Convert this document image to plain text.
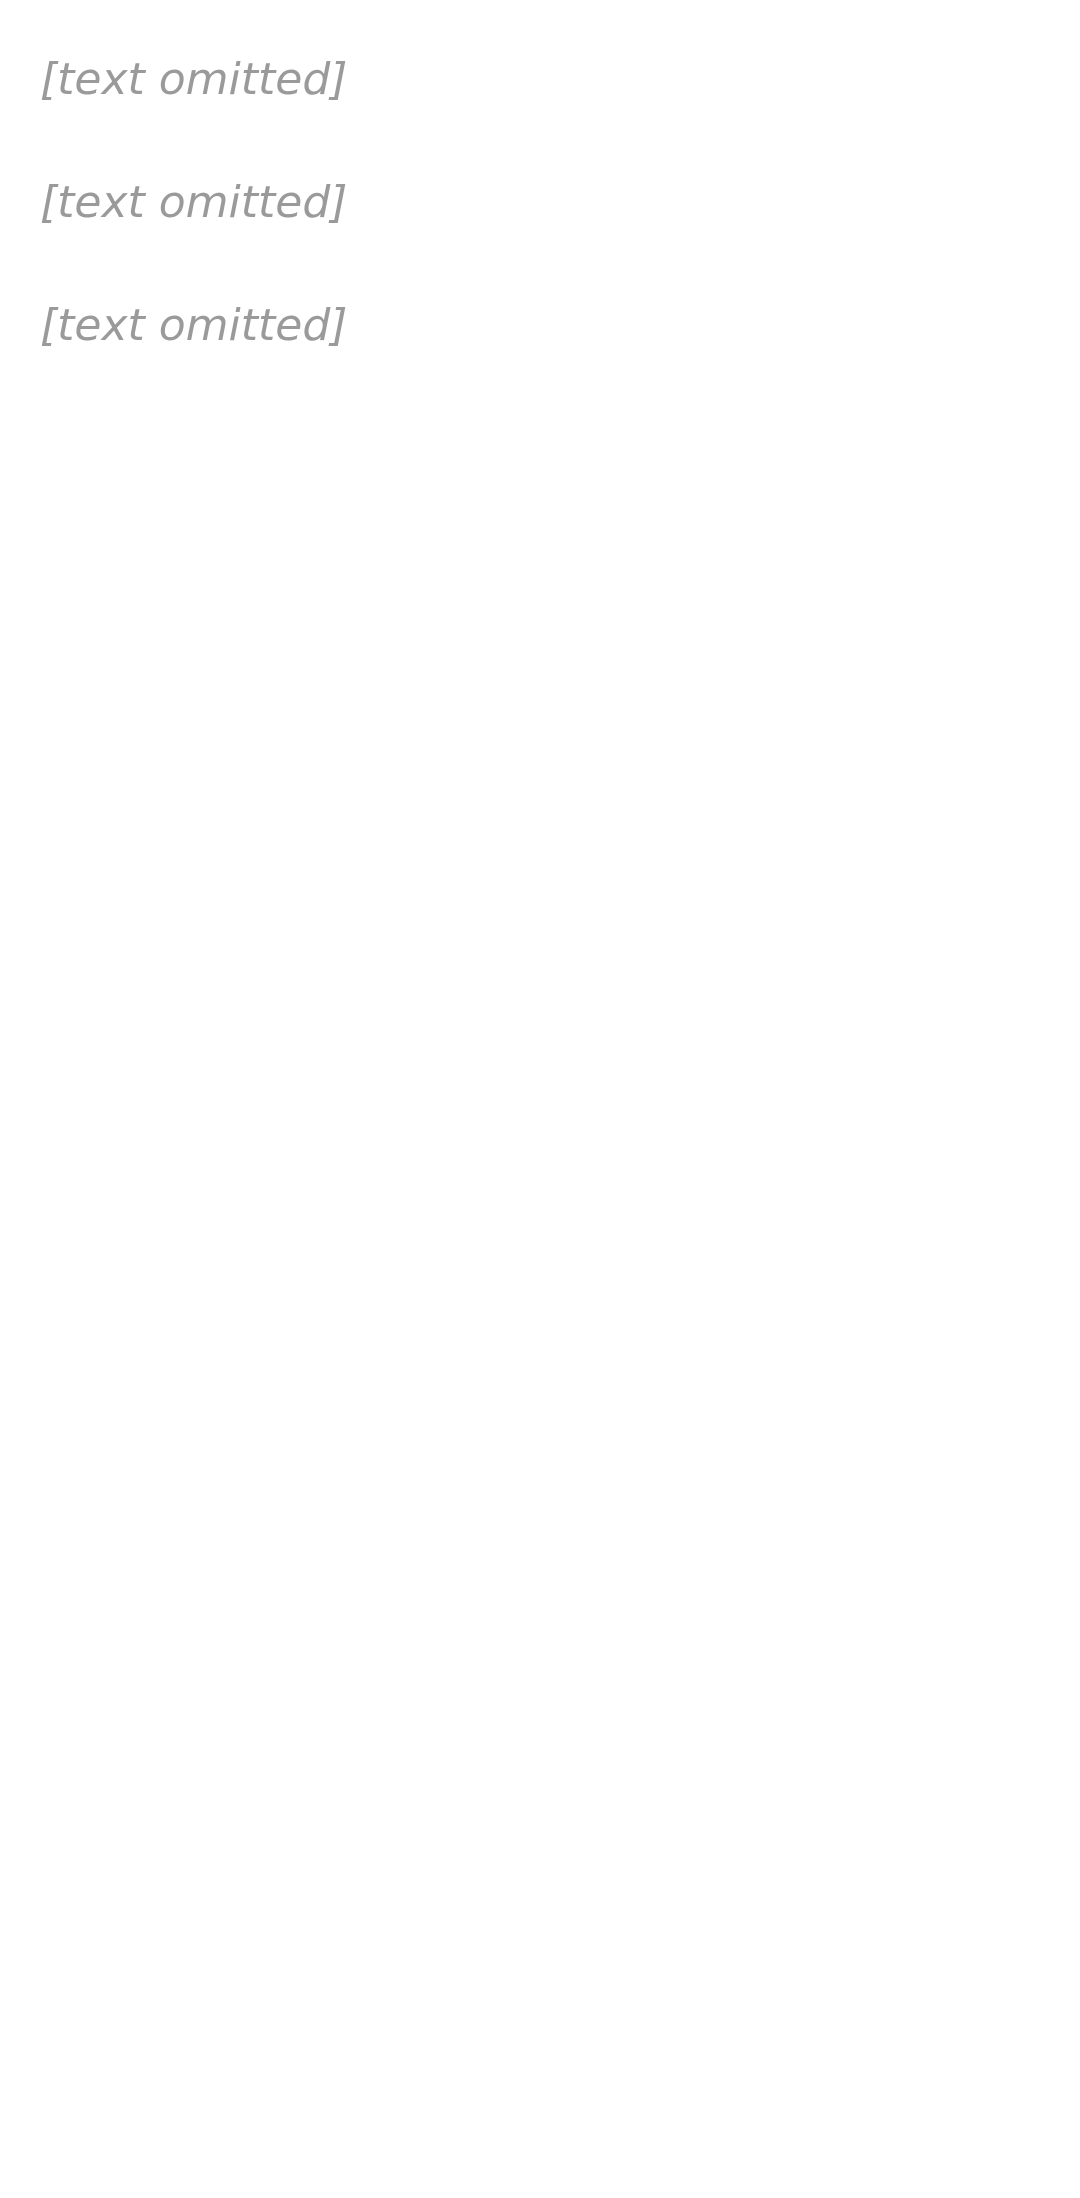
[text omitted]

[text omitted]

[text omitted]
